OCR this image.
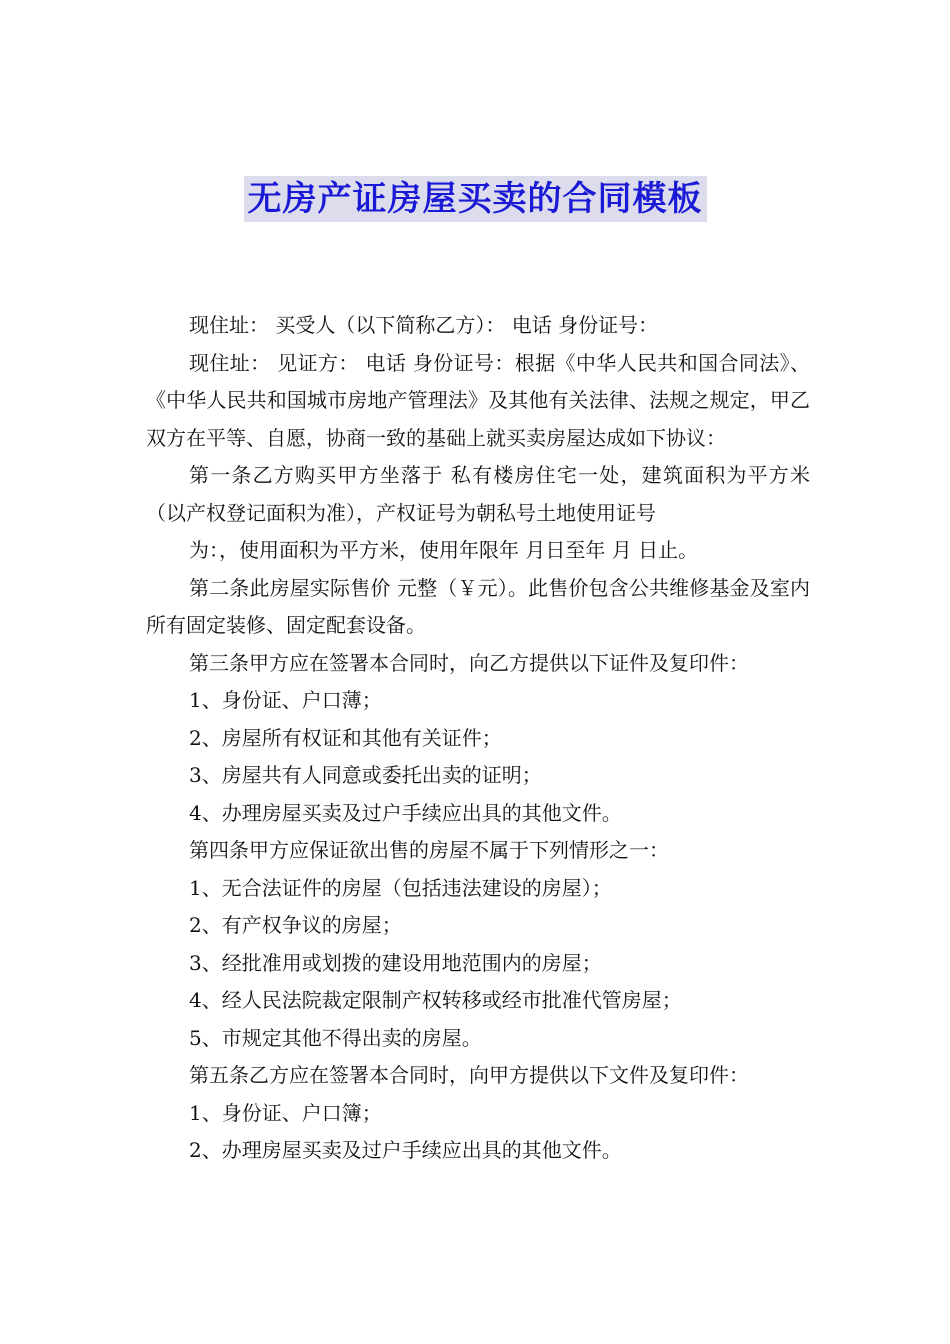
无房产证房屋买卖的合同模板

现住址： 买受人（以下简称乙方）： 电话 身份证号：

现住址： 见证方： 电话 身份证号：根据《中华人民共和国合同法》、《中华人民共和国城市房地产管理法》及其他有关法律、法规之规定，甲乙双方在平等、自愿，协商一致的基础上就买卖房屋达成如下协议：

第一条乙方购买甲方坐落于 私有楼房住宅一处，建筑面积为平方米（以产权登记面积为准），产权证号为朝私号土地使用证号

为：，使用面积为平方米，使用年限年 月日至年 月 日止。

第二条此房屋实际售价 元整（￥元）。此售价包含公共维修基金及室内所有固定装修、固定配套设备。

第三条甲方应在签署本合同时，向乙方提供以下证件及复印件：

1、身份证、户口薄；

2、房屋所有权证和其他有关证件；

3、房屋共有人同意或委托出卖的证明；

4、办理房屋买卖及过户手续应出具的其他文件。

第四条甲方应保证欲出售的房屋不属于下列情形之一：

1、无合法证件的房屋（包括违法建设的房屋）；

2、有产权争议的房屋；

3、经批准用或划拨的建设用地范围内的房屋；

4、经人民法院裁定限制产权转移或经市批准代管房屋；

5、市规定其他不得出卖的房屋。

第五条乙方应在签署本合同时，向甲方提供以下文件及复印件：

1、身份证、户口簿；

2、办理房屋买卖及过户手续应出具的其他文件。
